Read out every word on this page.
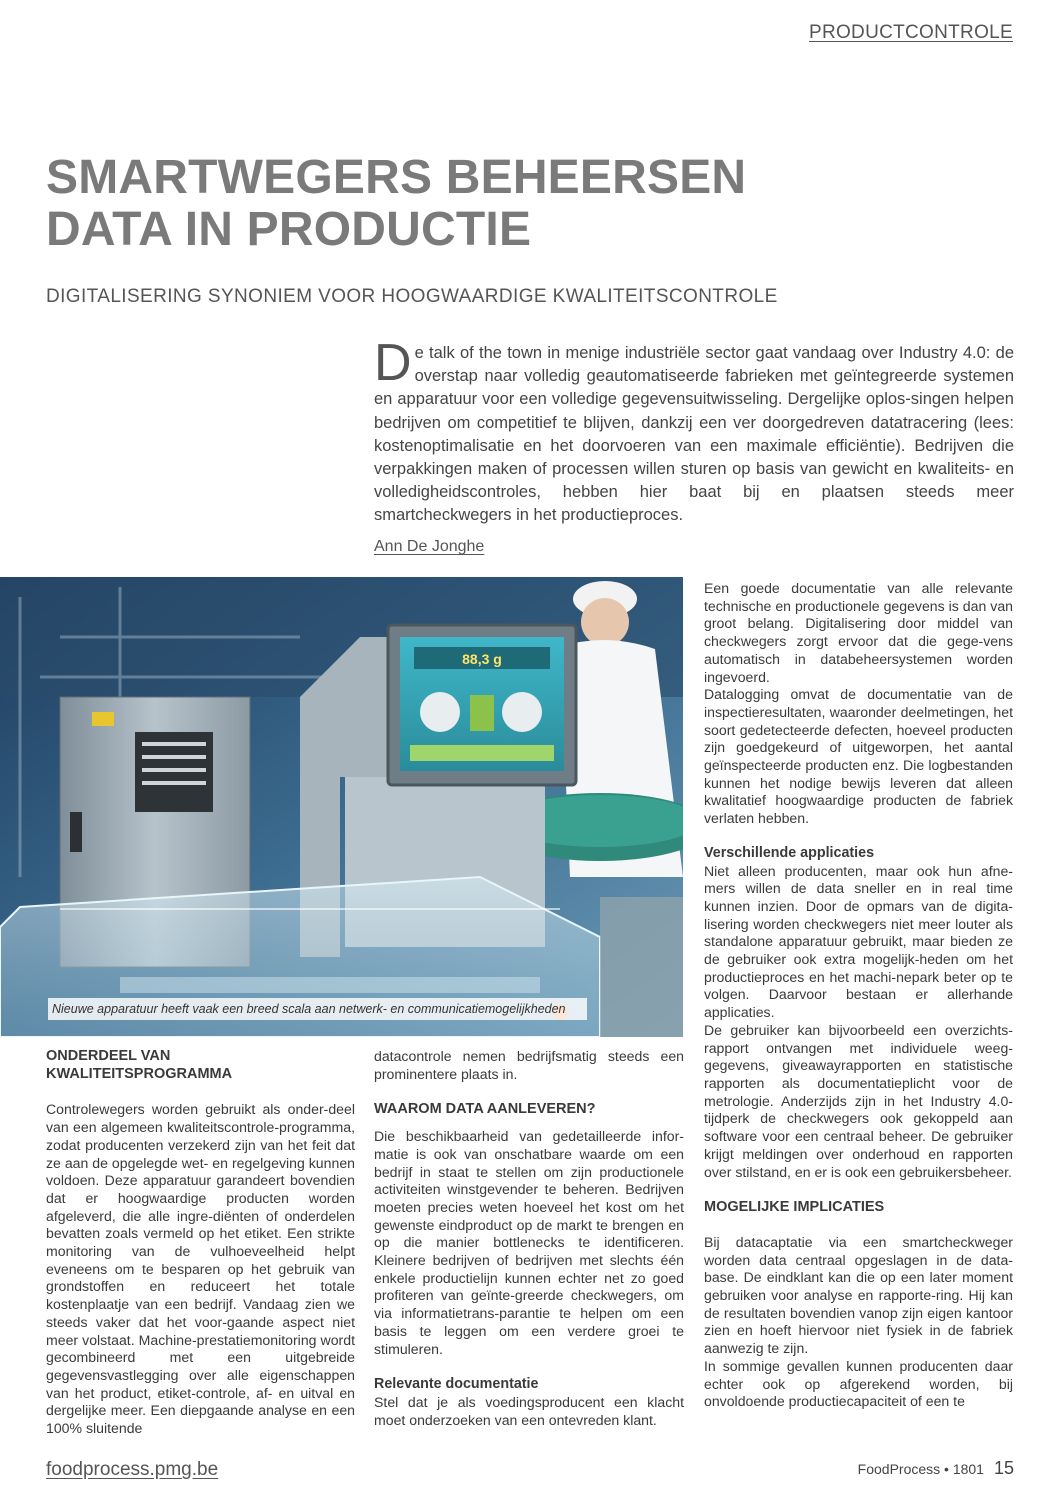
PRODUCTCONTROLE
SMARTWEGERS BEHEERSEN
DATA IN PRODUCTIE
DIGITALISERING SYNONIEM VOOR HOOGWAARDIGE KWALITEITSCONTROLE

De talk of the town in menige industriële sector gaat vandaag over Industry 4.0: de overstap naar volledig geautomatiseerde fabrieken met geïntegreerde systemen en apparatuur voor een volledige gegevensuitwisseling. Dergelijke oplos-singen helpen bedrijven om competitief te blijven, dankzij een ver doorgedreven datatracering (lees: kostenoptimalisatie en het doorvoeren van een maximale efficiëntie). Bedrijven die verpakkingen maken of processen willen sturen op basis van gewicht en kwaliteits- en volledigheidscontroles, hebben hier baat bij en plaatsen steeds meer smartcheckwegers in het productieproces.

Ann De Jonghe
88,3 g
Nieuwe apparatuur heeft vaak een breed scala aan netwerk- en communicatiemogelijkheden
ONDERDEEL VAN KWALITEITSPROGRAMMA

Controlewegers worden gebruikt als onder-deel van een algemeen kwaliteitscontrole-programma, zodat producenten verzekerd zijn van het feit dat ze aan de opgelegde wet- en regelgeving kunnen voldoen. Deze apparatuur garandeert bovendien dat er hoogwaardige producten worden afgeleverd, die alle ingre-diënten of onderdelen bevatten zoals vermeld op het etiket. Een strikte monitoring van de vulhoeveelheid helpt eveneens om te besparen op het gebruik van grondstoffen en reduceert het totale kostenplaatje van een bedrijf. Vandaag zien we steeds vaker dat het voor-gaande aspect niet meer volstaat. Machine-prestatiemonitoring wordt gecombineerd met een uitgebreide gegevensvastlegging over alle eigenschappen van het product, etiket-controle, af- en uitval en dergelijke meer. Een diepgaande analyse en een 100% sluitende

datacontrole nemen bedrijfsmatig steeds een prominentere plaats in.

WAAROM DATA AANLEVEREN?

Die beschikbaarheid van gedetailleerde infor-matie is ook van onschatbare waarde om een bedrijf in staat te stellen om zijn productionele activiteiten winstgevender te beheren. Bedrijven moeten precies weten hoeveel het kost om het gewenste eindproduct op de markt te brengen en op die manier bottlenecks te identificeren. Kleinere bedrijven of bedrijven met slechts één enkele productielijn kunnen echter net zo goed profiteren van geïnte-greerde checkwegers, om via informatietrans-parantie te helpen om een basis te leggen om een verdere groei te stimuleren.

Relevante documentatie

Stel dat je als voedingsproducent een klacht moet onderzoeken van een ontevreden klant.

Een goede documentatie van alle relevante technische en productionele gegevens is dan van groot belang. Digitalisering door middel van checkwegers zorgt ervoor dat die gege-vens automatisch in databeheersystemen worden ingevoerd.

Datalogging omvat de documentatie van de inspectieresultaten, waaronder deelmetingen, het soort gedetecteerde defecten, hoeveel producten zijn goedgekeurd of uitgeworpen, het aantal geïnspecteerde producten enz. Die logbestanden kunnen het nodige bewijs leveren dat alleen kwalitatief hoogwaardige producten de fabriek verlaten hebben.

Verschillende applicaties

Niet alleen producenten, maar ook hun afne-mers willen de data sneller en in real time kunnen inzien. Door de opmars van de digita-lisering worden checkwegers niet meer louter als standalone apparatuur gebruikt, maar bieden ze de gebruiker ook extra mogelijk-heden om het productieproces en het machi-nepark beter op te volgen. Daarvoor bestaan er allerhande applicaties.

De gebruiker kan bijvoorbeeld een overzichts-rapport ontvangen met individuele weeg-gegevens, giveawayrapporten en statistische rapporten als documentatieplicht voor de metrologie. Anderzijds zijn in het Industry 4.0-tijdperk de checkwegers ook gekoppeld aan software voor een centraal beheer. De gebruiker krijgt meldingen over onderhoud en rapporten over stilstand, en er is ook een gebruikersbeheer.

MOGELIJKE IMPLICATIES

Bij datacaptatie via een smartcheckweger worden data centraal opgeslagen in de data-base. De eindklant kan die op een later moment gebruiken voor analyse en rapporte-ring. Hij kan de resultaten bovendien vanop zijn eigen kantoor zien en hoeft hiervoor niet fysiek in de fabriek aanwezig te zijn.

In sommige gevallen kunnen producenten daar echter ook op afgerekend worden, bij onvoldoende productiecapaciteit of een te

foodprocess.pmg.be	FoodProcess • 1801 15
